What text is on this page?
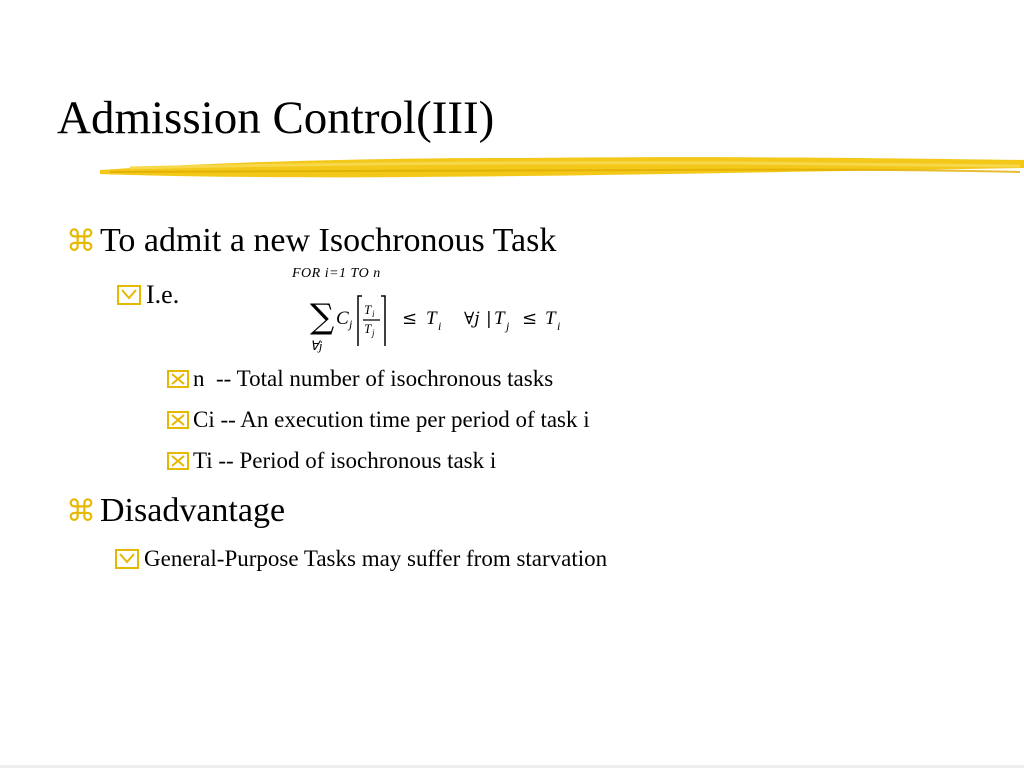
Admission Control(III)
⌘ To admit a new Isochronous Task
I.e.
FOR i=1 TO n
∑
∀j
C j
T i
T j
≤ T i ∀j | T j ≤ T i
n  -- Total number of isochronous tasks
Ci -- An execution time per period of task i
Ti -- Period of isochronous task i
⌘ Disadvantage
General-Purpose Tasks may suffer from starvation
